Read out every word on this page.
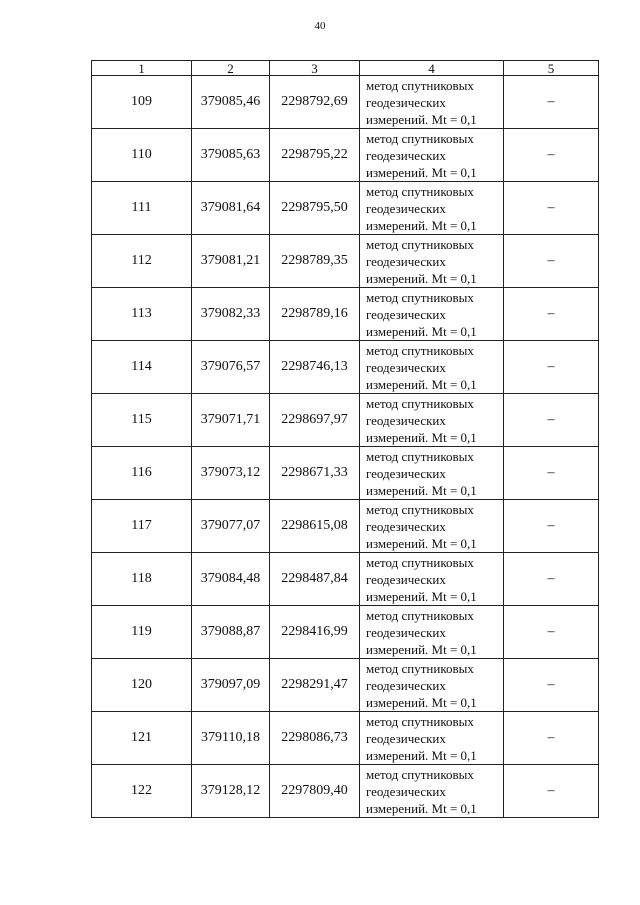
40
1	2	3	4	5
109	379085,46	2298792,69	метод спутниковых
геодезических
измерений. Mt = 0,1	–
110	379085,63	2298795,22	метод спутниковых
геодезических
измерений. Mt = 0,1	–
111	379081,64	2298795,50	метод спутниковых
геодезических
измерений. Mt = 0,1	–
112	379081,21	2298789,35	метод спутниковых
геодезических
измерений. Mt = 0,1	–
113	379082,33	2298789,16	метод спутниковых
геодезических
измерений. Mt = 0,1	–
114	379076,57	2298746,13	метод спутниковых
геодезических
измерений. Mt = 0,1	–
115	379071,71	2298697,97	метод спутниковых
геодезических
измерений. Mt = 0,1	–
116	379073,12	2298671,33	метод спутниковых
геодезических
измерений. Mt = 0,1	–
117	379077,07	2298615,08	метод спутниковых
геодезических
измерений. Mt = 0,1	–
118	379084,48	2298487,84	метод спутниковых
геодезических
измерений. Mt = 0,1	–
119	379088,87	2298416,99	метод спутниковых
геодезических
измерений. Mt = 0,1	–
120	379097,09	2298291,47	метод спутниковых
геодезических
измерений. Mt = 0,1	–
121	379110,18	2298086,73	метод спутниковых
геодезических
измерений. Mt = 0,1	–
122	379128,12	2297809,40	метод спутниковых
геодезических
измерений. Mt = 0,1	–
